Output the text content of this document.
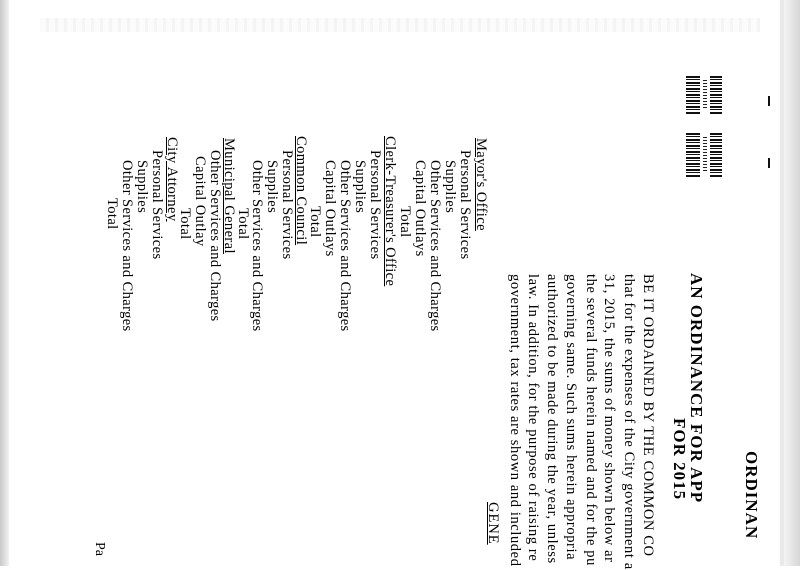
ORDINAN
AN ORDINANCE FOR APP
FOR 2015
BE IT ORDAINED BY THE COMMON CO
that for the expenses of the City government a
31, 2015, the sums of money shown below ar
the several funds herein named and for the pu
governing same. Such sums herein appropria
authorized to be made during the year, unless
law. In addition, for the purpose of raising re
government, tax rates are shown and included
GENE
Mayor's Office
Personal Services
Supplies
Other Services and Charges
Capital Outlays
Total
Clerk-Treasurer's Office
Personal Services
Supplies
Other Services and Charges
Capital Outlays
Total
Common Council
Personal Services
Supplies
Other Services and Charges
Total
Municipal General
Other Services and Charges
Capital Outlay
Total
City Attorney
Personal Services
Supplies
Other Services and Charges
Total
Pa
